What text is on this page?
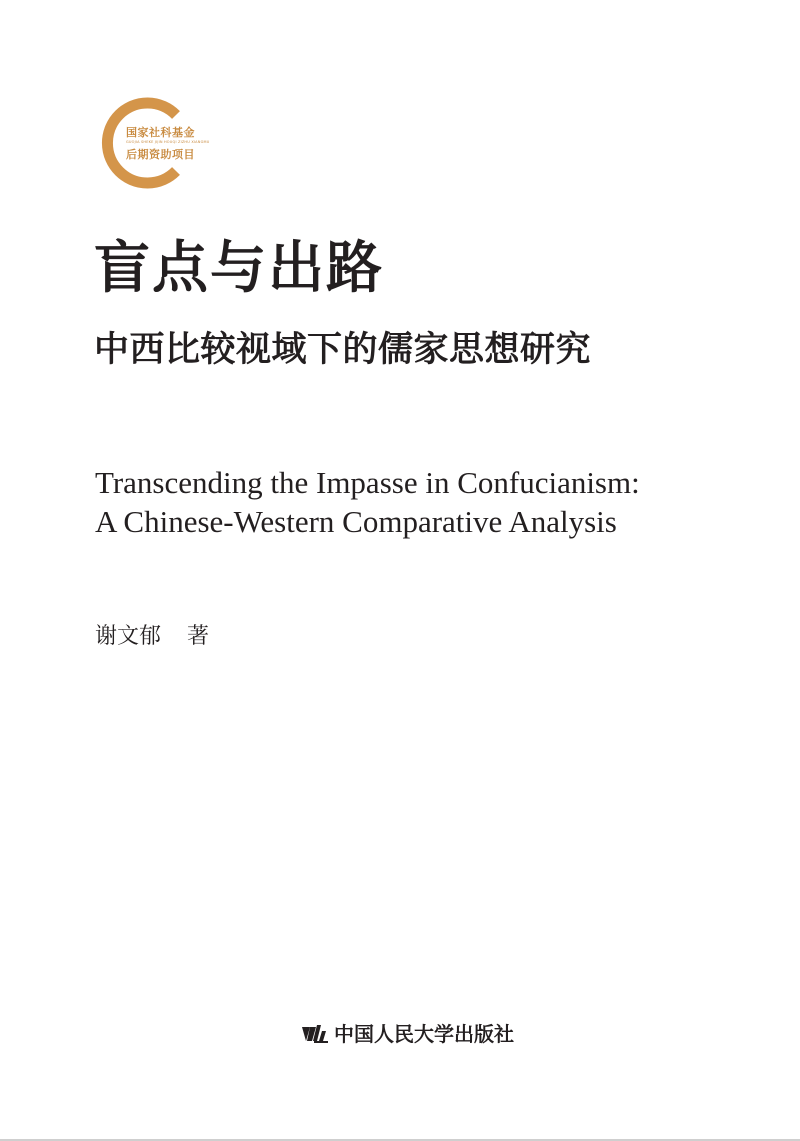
国家社科基金
GUOJIA SHEKE JIJIN HOUQI ZIZHU XIANGMU
后期资助项目
盲点与出路
中西比较视域下的儒家思想研究
Transcending the Impasse in Confucianism:
A Chinese-Western Comparative Analysis
谢文郁 著
中国人民大学出版社
